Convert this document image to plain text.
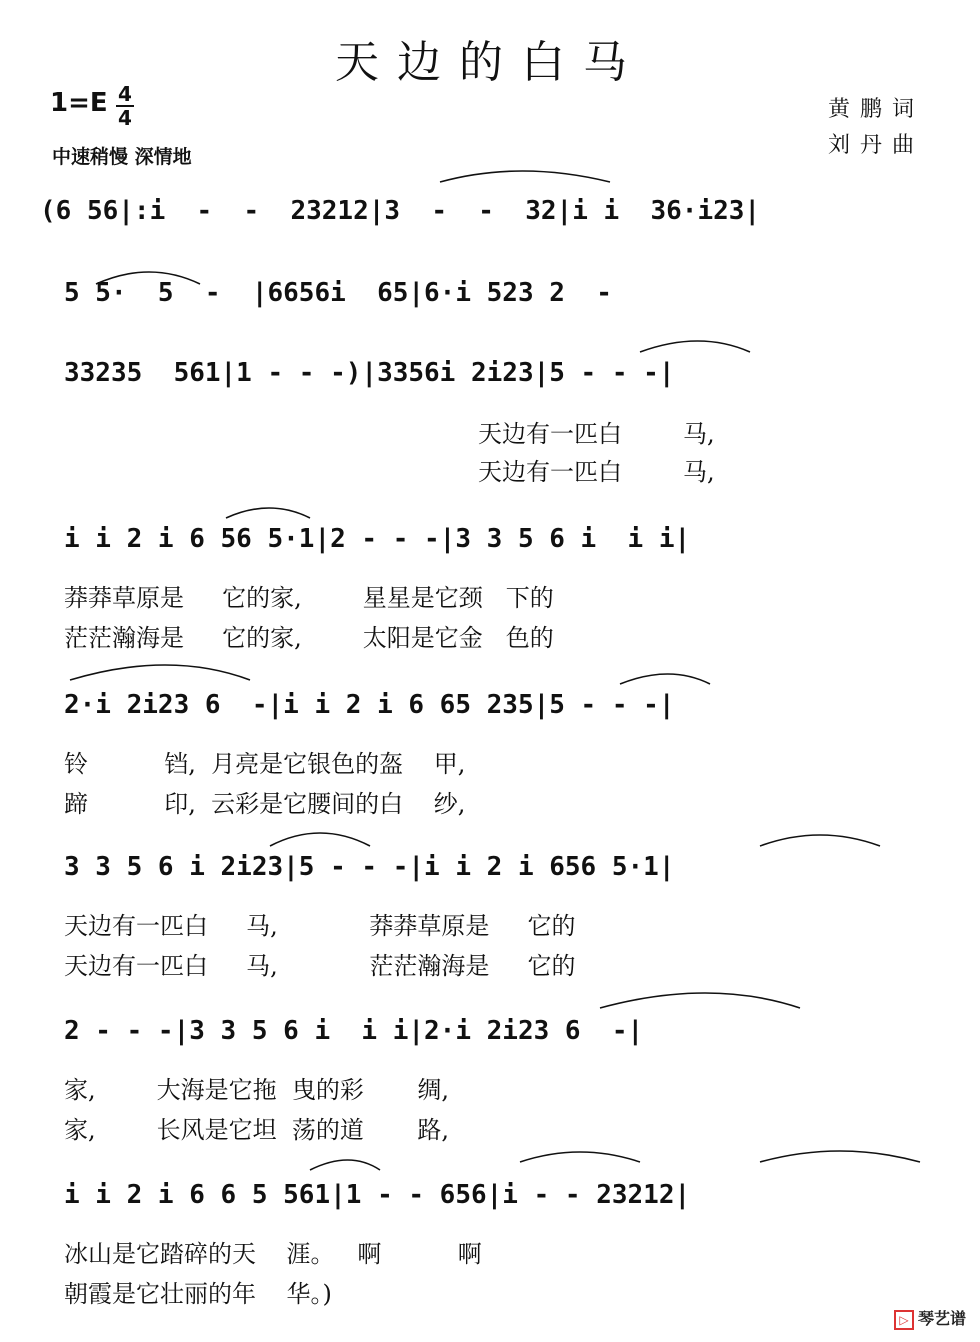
天边的白马
1=E 4
4
中速稍慢 深情地
黄鹏词
刘丹曲
(6 56|:i  -  -  23212|3  -  -  32|i i  36·i23|
5 5·  5  -  |6656i  65|6·i 523 2  -
33235  561|1 - - -)|3356i 2i23|5 - - -|
天边有一匹白        马,
天边有一匹白        马,
i i 2 i 6 56 5·1|2 - - -|3 3 5 6 i  i i|
莽莽草原是     它的家,        星星是它颈   下的
茫茫瀚海是     它的家,        太阳是它金   色的
2·i 2i23 6  -|i i 2 i 6 65 235|5 - - -|
铃          铛,  月亮是它银色的盔    甲,
蹄          印,  云彩是它腰间的白    纱,
3 3 5 6 i 2i23|5 - - -|i i 2 i 656 5·1|
天边有一匹白     马,            莽莽草原是     它的
天边有一匹白     马,            茫茫瀚海是     它的
2 - - -|3 3 5 6 i  i i|2·i 2i23 6  -|
家,        大海是它拖  曳的彩       绸,
家,        长风是它坦  荡的道       路,
i i 2 i 6 6 5 561|1 - - 656|i - - 23212|
冰山是它踏碎的天    涯。   啊          啊
朝霞是它壮丽的年    华。)
▷ 琴艺谱
